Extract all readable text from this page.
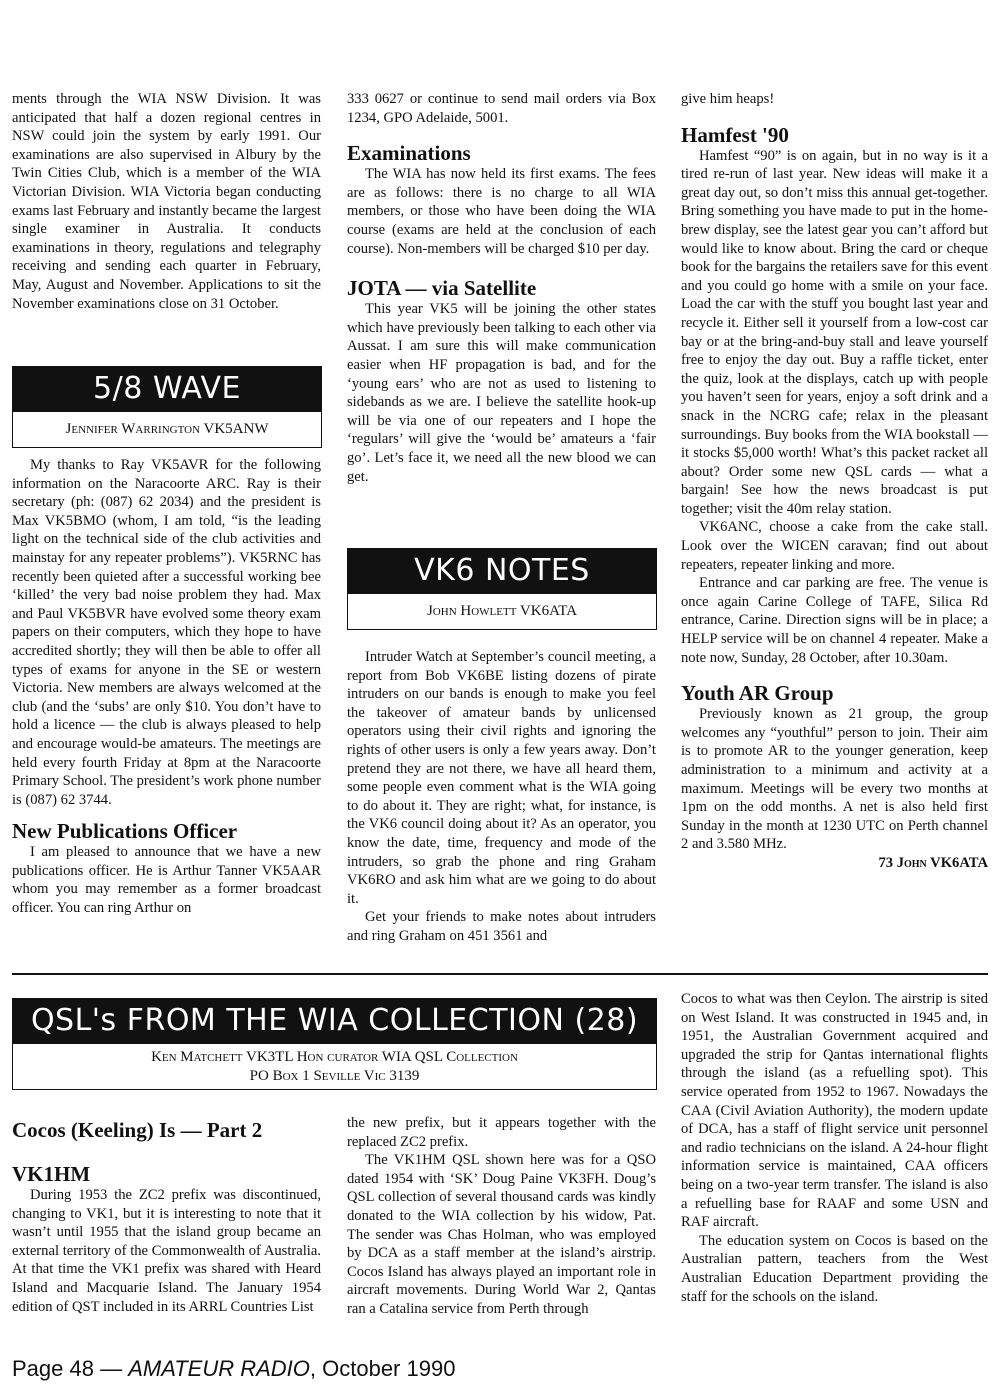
ments through the WIA NSW Division. It was anticipated that half a dozen regional centres in NSW could join the system by early 1991. Our examinations are also supervised in Albury by the Twin Cities Club, which is a member of the WIA Victorian Division. WIA Victoria began conducting exams last February and instantly became the largest single examiner in Australia. It conducts examinations in theory, regulations and telegraphy receiving and sending each quarter in February, May, August and November. Applications to sit the November examinations close on 31 October.

5/8 WAVE
Jennifer Warrington VK5ANW

My thanks to Ray VK5AVR for the following information on the Naracoorte ARC. Ray is their secretary (ph: (087) 62 2034) and the president is Max VK5BMO (whom, I am told, “is the leading light on the technical side of the club activities and mainstay for any repeater problems”). VK5RNC has recently been quieted after a successful working bee ‘killed’ the very bad noise problem they had. Max and Paul VK5BVR have evolved some theory exam papers on their computers, which they hope to have accredited shortly; they will then be able to offer all types of exams for anyone in the SE or western Victoria. New members are always welcomed at the club (and the ‘subs’ are only $10. You don’t have to hold a licence — the club is always pleased to help and encourage would-be amateurs. The meetings are held every fourth Friday at 8pm at the Naracoorte Primary School. The president’s work phone number is (087) 62 3744.

New Publications Officer

I am pleased to announce that we have a new publications officer. He is Arthur Tanner VK5AAR whom you may remember as a former broadcast officer. You can ring Arthur on

333 0627 or continue to send mail orders via Box 1234, GPO Adelaide, 5001.

Examinations

The WIA has now held its first exams. The fees are as follows: there is no charge to all WIA members, or those who have been doing the WIA course (exams are held at the conclusion of each course). Non-members will be charged $10 per day.

JOTA — via Satellite

This year VK5 will be joining the other states which have previously been talking to each other via Aussat. I am sure this will make communication easier when HF propagation is bad, and for the ‘young ears’ who are not as used to listening to sidebands as we are. I believe the satellite hook-up will be via one of our repeaters and I hope the ‘regulars’ will give the ‘would be’ amateurs a ‘fair go’. Let’s face it, we need all the new blood we can get.

VK6 NOTES
John Howlett VK6ATA

Intruder Watch at September’s council meeting, a report from Bob VK6BE listing dozens of pirate intruders on our bands is enough to make you feel the takeover of amateur bands by unlicensed operators using their civil rights and ignoring the rights of other users is only a few years away. Don’t pretend they are not there, we have all heard them, some people even comment what is the WIA going to do about it. They are right; what, for instance, is the VK6 council doing about it? As an operator, you know the date, time, frequency and mode of the intruders, so grab the phone and ring Graham VK6RO and ask him what are we going to do about it.

Get your friends to make notes about intruders and ring Graham on 451 3561 and

give him heaps!

Hamfest '90

Hamfest “90” is on again, but in no way is it a tired re-run of last year. New ideas will make it a great day out, so don’t miss this annual get-together. Bring something you have made to put in the home-brew display, see the latest gear you can’t afford but would like to know about. Bring the card or cheque book for the bargains the retailers save for this event and you could go home with a smile on your face. Load the car with the stuff you bought last year and recycle it. Either sell it yourself from a low-cost car bay or at the bring-and-buy stall and leave yourself free to enjoy the day out. Buy a raffle ticket, enter the quiz, look at the displays, catch up with people you haven’t seen for years, enjoy a soft drink and a snack in the NCRG cafe; relax in the pleasant surroundings. Buy books from the WIA bookstall — it stocks $5,000 worth! What’s this packet racket all about? Order some new QSL cards — what a bargain! See how the news broadcast is put together; visit the 40m relay station.

VK6ANC, choose a cake from the cake stall. Look over the WICEN caravan; find out about repeaters, repeater linking and more.

Entrance and car parking are free. The venue is once again Carine College of TAFE, Silica Rd entrance, Carine. Direction signs will be in place; a HELP service will be on channel 4 repeater. Make a note now, Sunday, 28 October, after 10.30am.

Youth AR Group

Previously known as 21 group, the group welcomes any “youthful” person to join. Their aim is to promote AR to the younger generation, keep administration to a minimum and activity at a maximum. Meetings will be every two months at 1pm on the odd months. A net is also held first Sunday in the month at 1230 UTC on Perth channel 2 and 3.580 MHz.

73 John VK6ATA

QSL's FROM THE WIA COLLECTION (28)
Ken Matchett VK3TL Hon curator WIA QSL Collection
PO Box 1 Seville Vic 3139
Cocos (Keeling) Is — Part 2
VK1HM

During 1953 the ZC2 prefix was discontinued, changing to VK1, but it is interesting to note that it wasn’t until 1955 that the island group became an external territory of the Commonwealth of Australia. At that time the VK1 prefix was shared with Heard Island and Macquarie Island. The January 1954 edition of QST included in its ARRL Countries List

the new prefix, but it appears together with the replaced ZC2 prefix.

The VK1HM QSL shown here was for a QSO dated 1954 with ‘SK’ Doug Paine VK3FH. Doug’s QSL collection of several thousand cards was kindly donated to the WIA collection by his widow, Pat. The sender was Chas Holman, who was employed by DCA as a staff member at the island’s airstrip. Cocos Island has always played an important role in aircraft movements. During World War 2, Qantas ran a Catalina service from Perth through

Cocos to what was then Ceylon. The airstrip is sited on West Island. It was constructed in 1945 and, in 1951, the Australian Government acquired and upgraded the strip for Qantas international flights through the island (as a refuelling spot). This service operated from 1952 to 1967. Nowadays the CAA (Civil Aviation Authority), the modern update of DCA, has a staff of flight service unit personnel and radio technicians on the island. A 24-hour flight information service is maintained, CAA officers being on a two-year term transfer. The island is also a refuelling base for RAAF and some USN and RAF aircraft.

The education system on Cocos is based on the Australian pattern, teachers from the West Australian Education Department providing the staff for the schools on the island.

Page 48 — AMATEUR RADIO, October 1990
